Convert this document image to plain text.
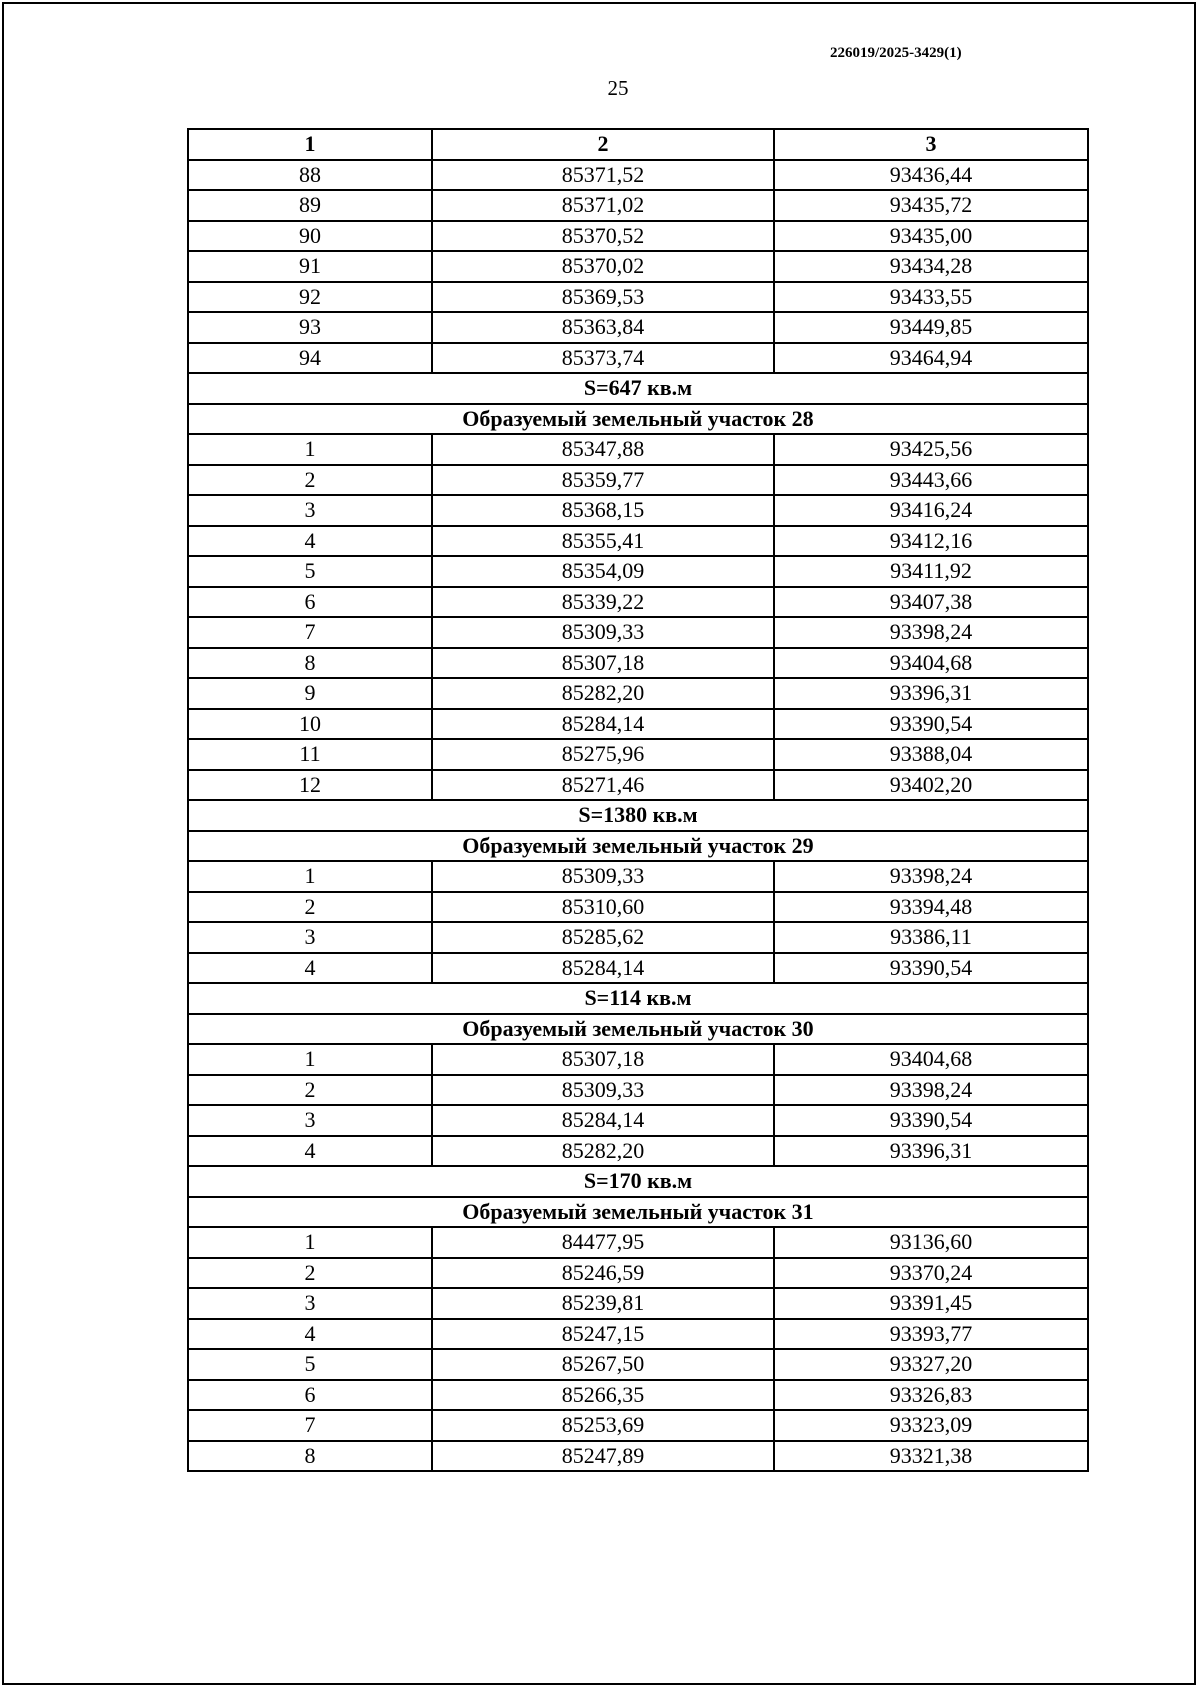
226019/2025-3429(1)
25
1	2	3
88	85371,52	93436,44
89	85371,02	93435,72
90	85370,52	93435,00
91	85370,02	93434,28
92	85369,53	93433,55
93	85363,84	93449,85
94	85373,74	93464,94
S=647 кв.м		
Образуемый земельный участок 28		
1	85347,88	93425,56
2	85359,77	93443,66
3	85368,15	93416,24
4	85355,41	93412,16
5	85354,09	93411,92
6	85339,22	93407,38
7	85309,33	93398,24
8	85307,18	93404,68
9	85282,20	93396,31
10	85284,14	93390,54
11	85275,96	93388,04
12	85271,46	93402,20
S=1380 кв.м		
Образуемый земельный участок 29		
1	85309,33	93398,24
2	85310,60	93394,48
3	85285,62	93386,11
4	85284,14	93390,54
S=114 кв.м		
Образуемый земельный участок 30		
1	85307,18	93404,68
2	85309,33	93398,24
3	85284,14	93390,54
4	85282,20	93396,31
S=170 кв.м		
Образуемый земельный участок 31		
1	84477,95	93136,60
2	85246,59	93370,24
3	85239,81	93391,45
4	85247,15	93393,77
5	85267,50	93327,20
6	85266,35	93326,83
7	85253,69	93323,09
8	85247,89	93321,38
